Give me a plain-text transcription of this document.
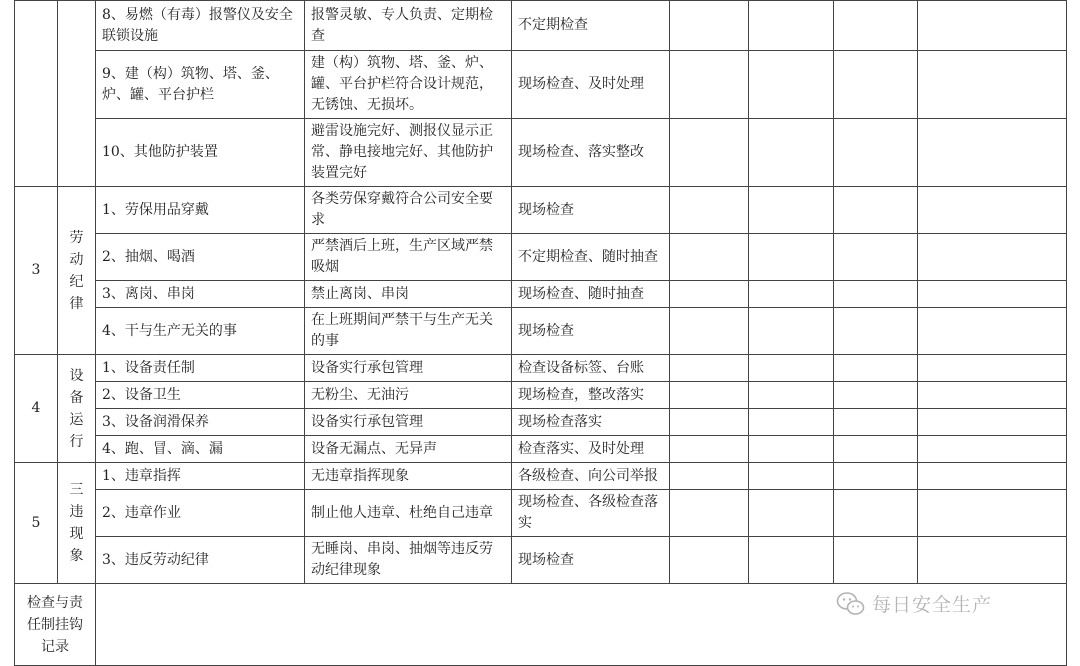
		8、易燃（有毒）报警仪及安全联锁设施	报警灵敏、专人负责、定期检查	不定期检查				
		9、建（构）筑物、塔、釜、炉、罐、平台护栏	建（构）筑物、塔、釜、炉、罐、平台护栏符合设计规范，无锈蚀、无损坏。	现场检查、及时处理				
		10、其他防护装置	避雷设施完好、测报仪显示正常、静电接地完好、其他防护装置完好	现场检查、落实整改				
3	劳动纪律	1、劳保用品穿戴	各类劳保穿戴符合公司安全要求	现场检查				
		2、抽烟、喝酒	严禁酒后上班，生产区域严禁吸烟	不定期检查、随时抽查				
		3、离岗、串岗	禁止离岗、串岗	现场检查、随时抽查				
		4、干与生产无关的事	在上班期间严禁干与生产无关的事	现场检查				
4	设备运行	1、设备责任制	设备实行承包管理	检查设备标签、台账				
		2、设备卫生	无粉尘、无油污	现场检查，整改落实				
		3、设备润滑保养	设备实行承包管理	现场检查落实				
		4、跑、冒、滴、漏	设备无漏点、无异声	检查落实、及时处理				
5	三违现象	1、违章指挥	无违章指挥现象	各级检查、向公司举报				
		2、违章作业	制止他人违章、杜绝自己违章	现场检查、各级检查落实				
		3、违反劳动纪律	无睡岗、串岗、抽烟等违反劳动纪律现象	现场检查				
检查与责任制挂钩记录								
每日安全生产
